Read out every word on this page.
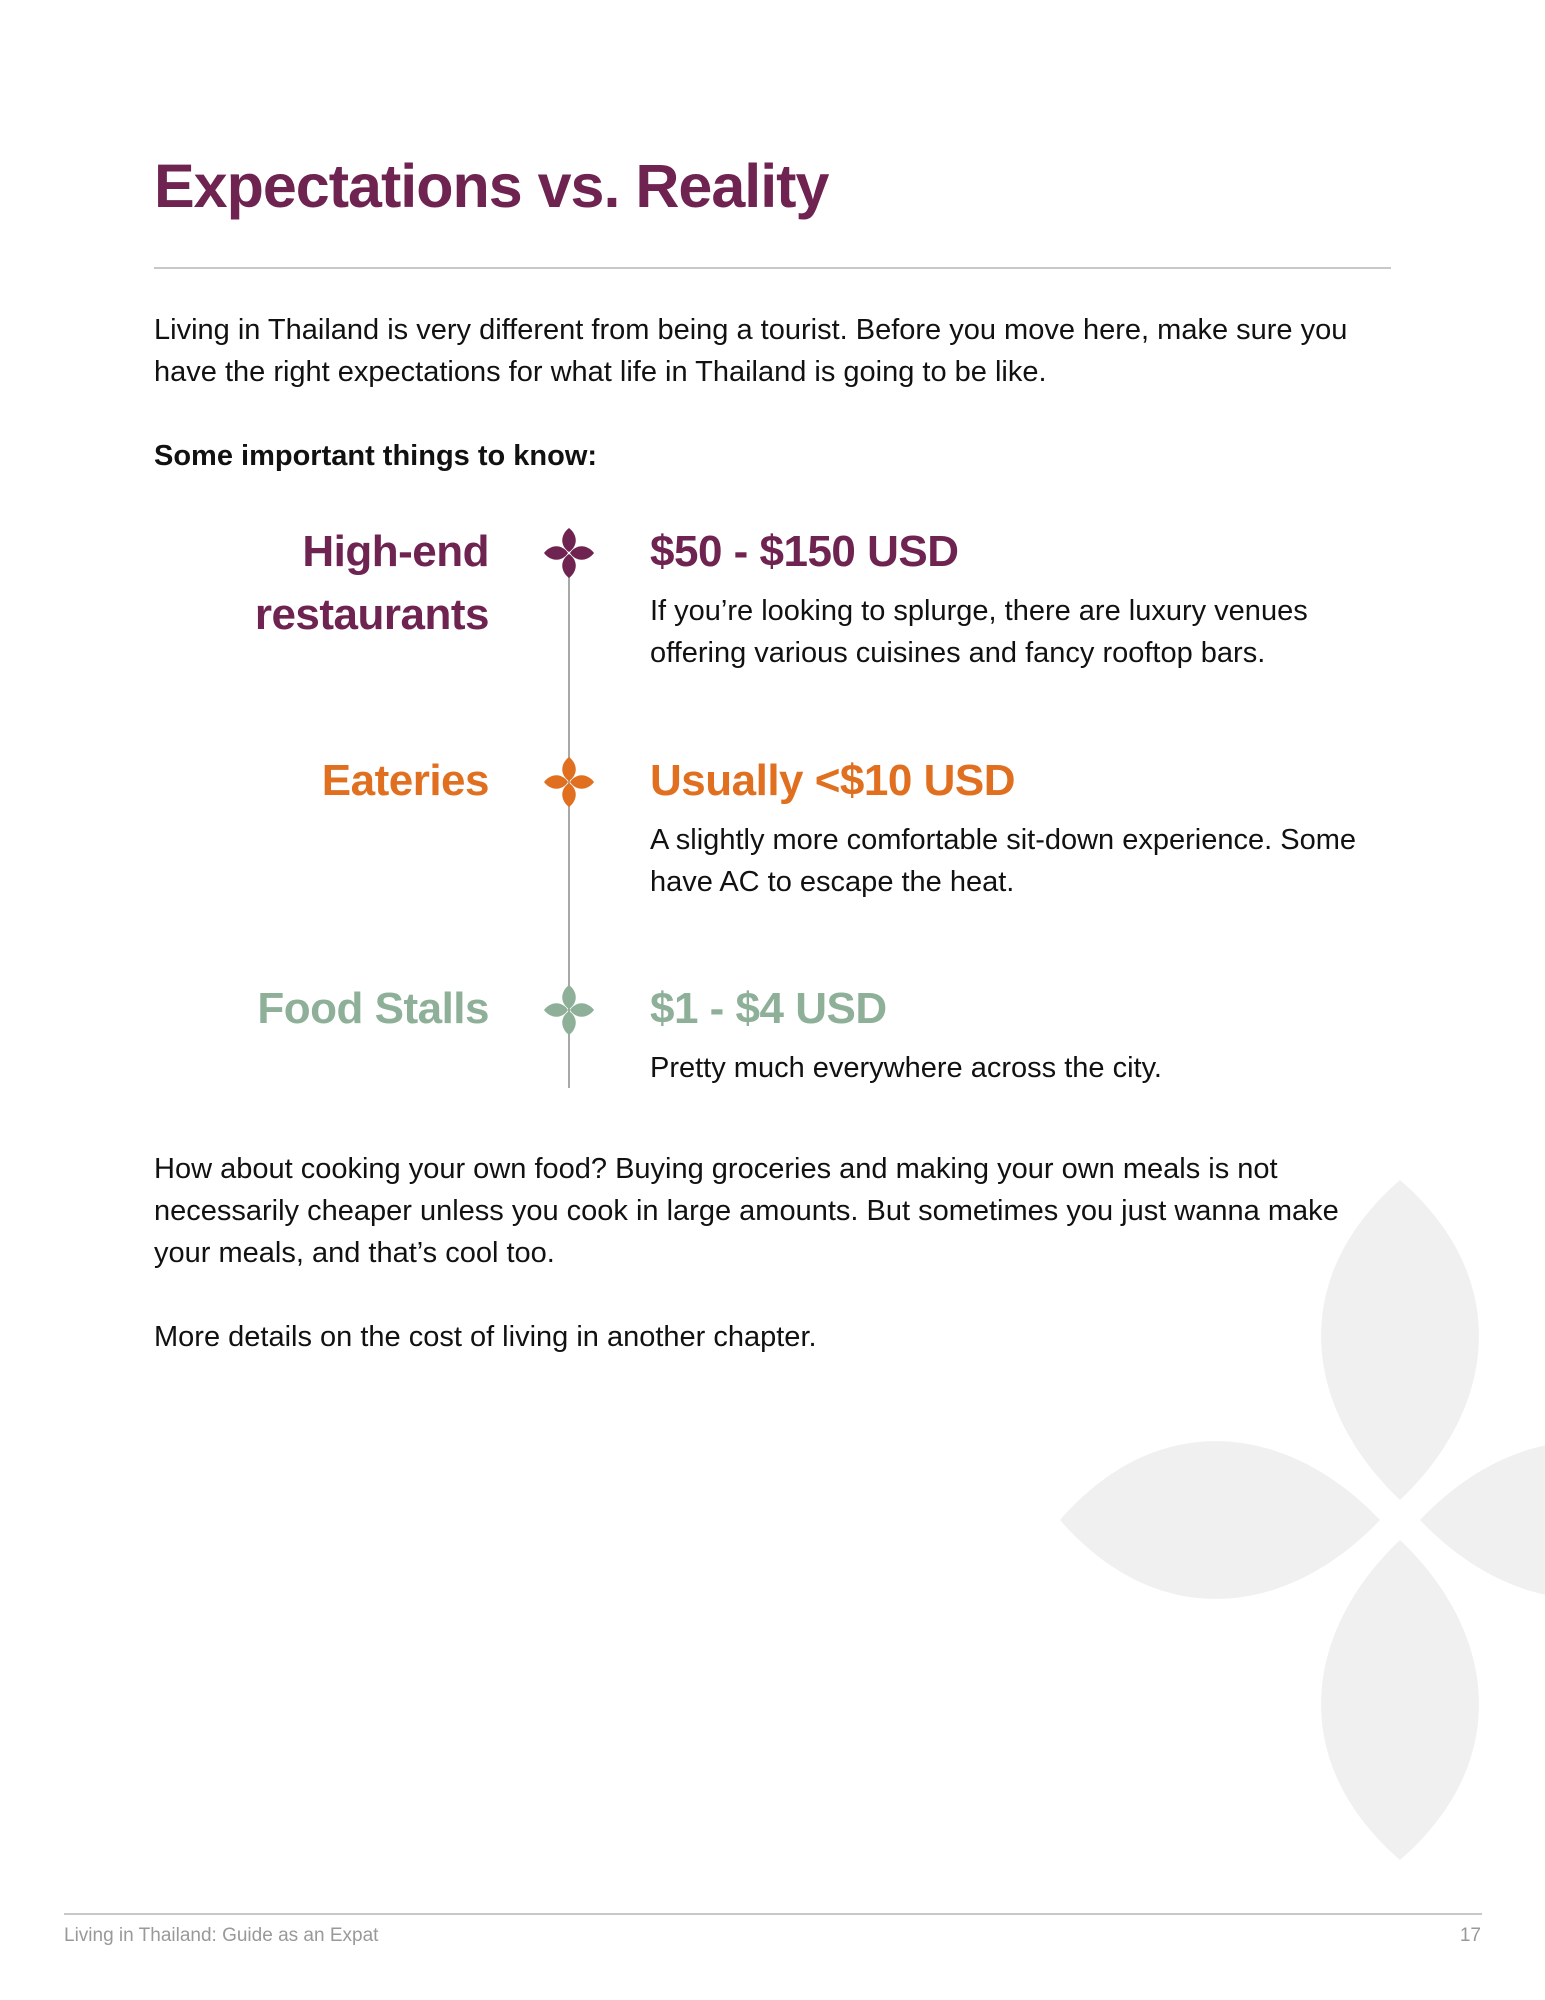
Expectations vs. Reality

Living in Thailand is very different from being a tourist. Before you move here, make sure you have the right expectations for what life in Thailand is going to be like.

Some important things to know:

High-end
restaurants

$50 - $150 USD

If you’re looking to splurge, there are luxury venues offering various cuisines and fancy rooftop bars.

Eateries	Usually <$10 USD

A slightly more comfortable sit-down experience. Some have AC to escape the heat.

Food Stalls	$1 - $4 USD

Pretty much everywhere across the city.

How about cooking your own food? Buying groceries and making your own meals is not necessarily cheaper unless you cook in large amounts. But sometimes you just wanna make your meals, and that’s cool too.

More details on the cost of living in another chapter.

Living in Thailand: Guide as an Expat	17
